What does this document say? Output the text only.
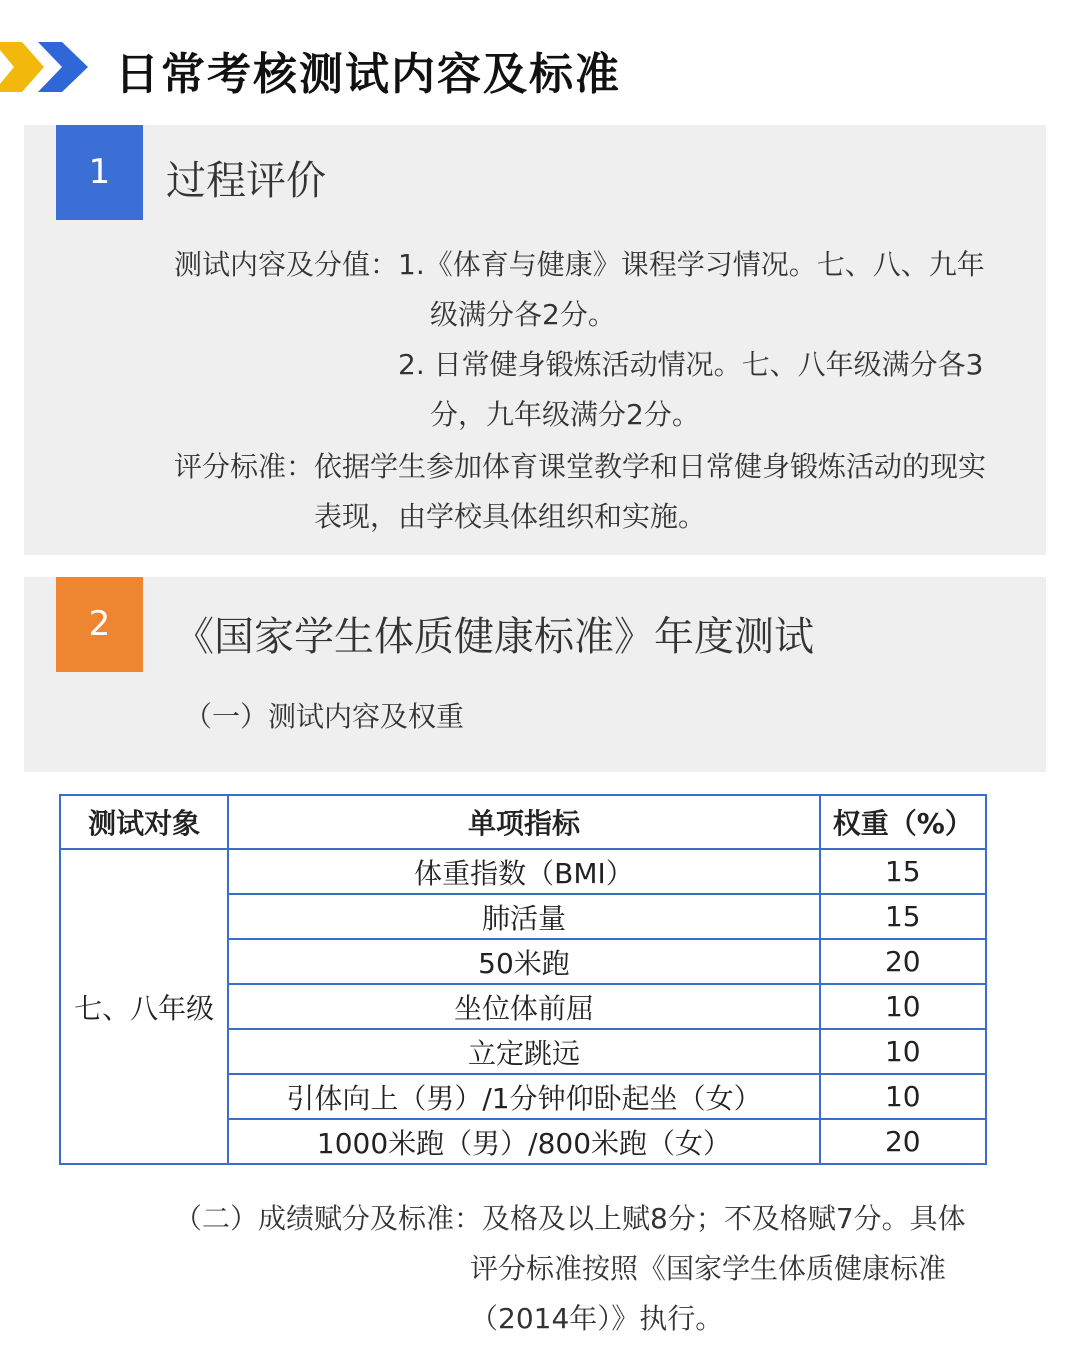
日常考核测试内容及标准
1	过程评价
测试内容及分值：1.《体育与健康》课程学习情况。七、八、九年
级满分各2分。
2. 日常健身锻炼活动情况。七、八年级满分各3
分，九年级满分2分。
评分标准：依据学生参加体育课堂教学和日常健身锻炼活动的现实
表现，由学校具体组织和实施。
2	《国家学生体质健康标准》年度测试
（一）测试内容及权重
（二）成绩赋分及标准：及格及以上赋8分；不及格赋7分。具体
评分标准按照《国家学生体质健康标准
（2014年）》执行。
测试对象	单项指标	权重（%）
七、八年级	体重指数（BMI）	15
	肺活量	15
	50米跑	20
	坐位体前屈	10
	立定跳远	10
	引体向上（男）/1分钟仰卧起坐（女）	10
	1000米跑（男）/800米跑（女）	20
